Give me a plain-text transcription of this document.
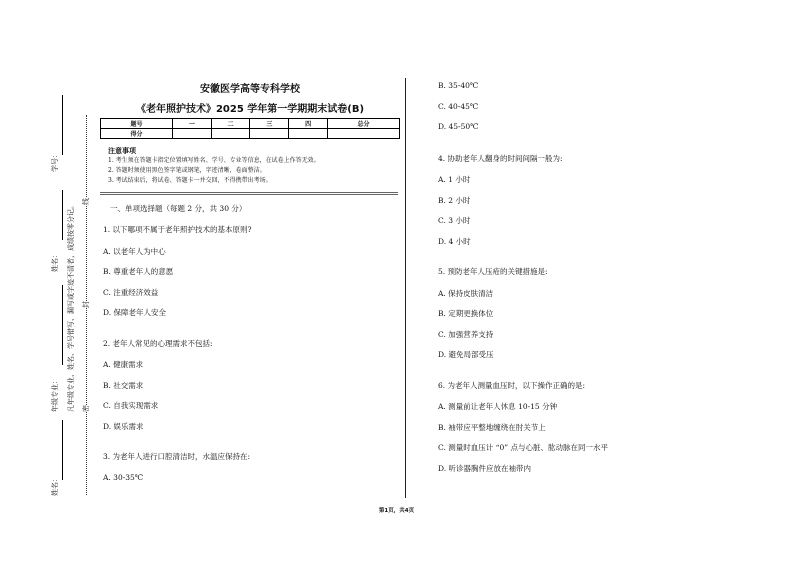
安徽医学高等专科学校
《老年照护技术》2025 学年第一学期期末试卷(B)
题号	一	二	三	四	总分
得分					
注意事项
1. 考生须在答题卡指定位置填写姓名、学号、专业等信息，在试卷上作答无效。
2. 答题时须使用黑色签字笔或钢笔，字迹清晰，卷面整洁。
3. 考试结束后，将试卷、答题卡一并交回，不得携带出考场。
学号：
姓名：
年级专业：
姓名：
凡年级专业、姓名、学号错写、漏写或字迹不清者，成绩按零分记。 密
封
线
一、单项选择题（每题 2 分，共 30 分）
1. 以下哪项不属于老年照护技术的基本原则?
A. 以老年人为中心
B. 尊重老年人的意愿
C. 注重经济效益
D. 保障老年人安全
2. 老年人常见的心理需求不包括:
A. 健康需求
B. 社交需求
C. 自我实现需求
D. 娱乐需求
3. 为老年人进行口腔清洁时，水温应保持在:
A. 30-35℃
B. 35-40℃
C. 40-45℃
D. 45-50℃
4. 协助老年人翻身的时间间隔一般为:
A. 1 小时
B. 2 小时
C. 3 小时
D. 4 小时
5. 预防老年人压疮的关键措施是:
A. 保持皮肤清洁
B. 定期更换体位
C. 加强营养支持
D. 避免局部受压
6. 为老年人测量血压时，以下操作正确的是:
A. 测量前让老年人休息 10-15 分钟
B. 袖带应平整地缠绕在肘关节上
C. 测量时血压计 “0” 点与心脏、肱动脉在同一水平
D. 听诊器胸件应放在袖带内
第1页，共4页
